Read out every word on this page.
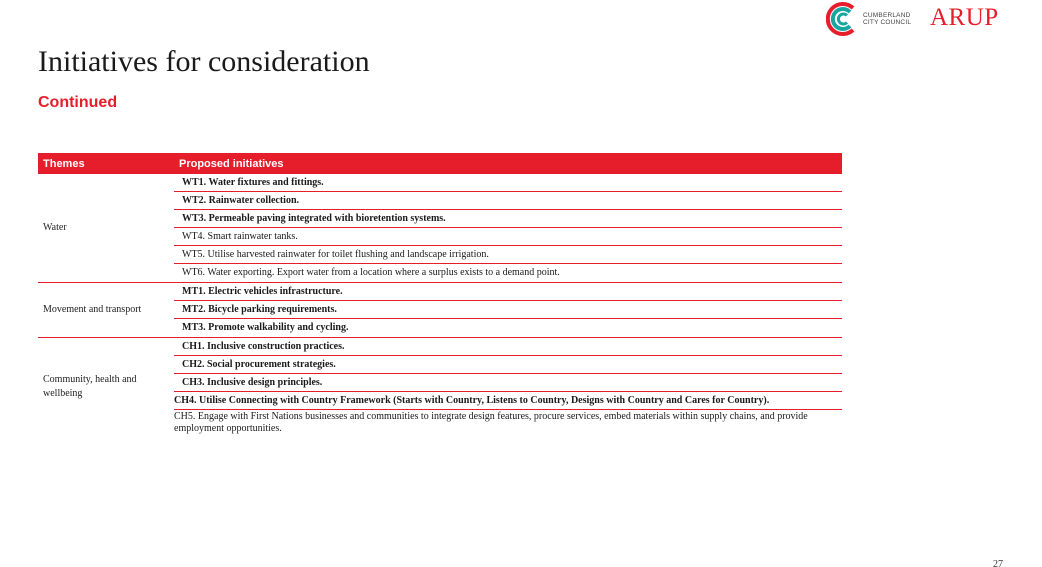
CUMBERLAND
CITY COUNCIL ARUP
Initiatives for consideration
Continued
Themes	Proposed initiatives
Water
WT1. Water fixtures and fittings.
WT2. Rainwater collection.
WT3. Permeable paving integrated with bioretention systems.
WT4. Smart rainwater tanks.
WT5. Utilise harvested rainwater for toilet flushing and landscape irrigation.
WT6. Water exporting. Export water from a location where a surplus exists to a demand point.
Movement and transport
MT1. Electric vehicles infrastructure.
MT2. Bicycle parking requirements.
MT3. Promote walkability and cycling.
Community, health and wellbeing
CH1. Inclusive construction practices.
CH2. Social procurement strategies.
CH3. Inclusive design principles.
CH4. Utilise Connecting with Country Framework (Starts with Country, Listens to Country, Designs with Country and Cares for Country).
CH5. Engage with First Nations businesses and communities to integrate design features, procure services, embed materials within supply chains, and provide employment opportunities.
27
